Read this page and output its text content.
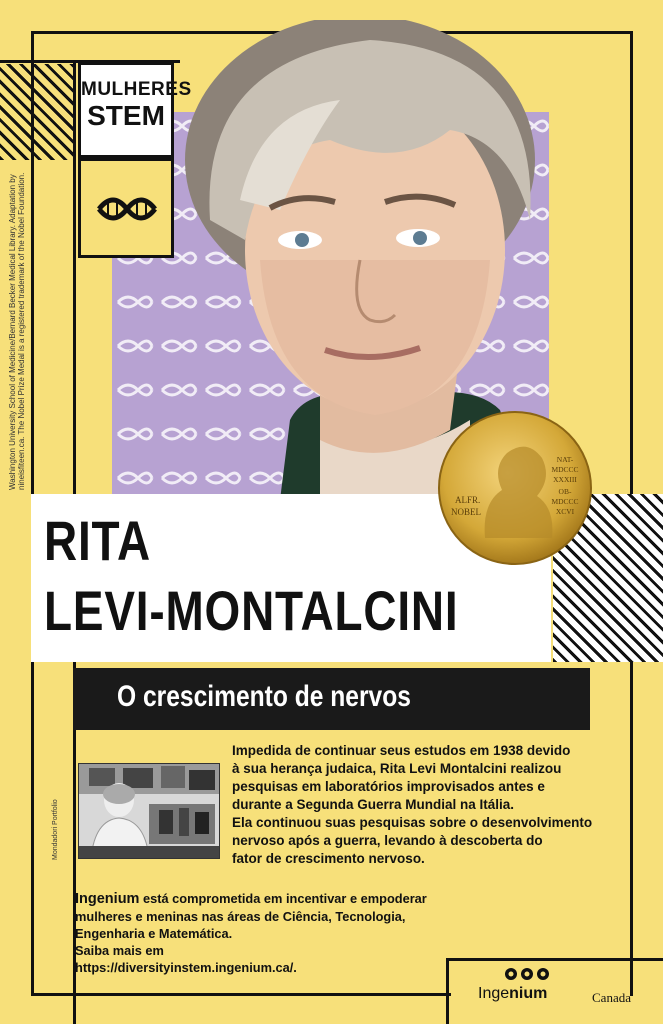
MULHERES
STEM
Washington University School of Medicine/Bernard Becker Medical Library. Adaptation by nineisfiteen.ca. The Nobel Prize Medal is a registered trademark of the Nobel Foundation.
RITA
LEVI-MONTALCINI
ALFR.
NOBEL
NAT-
MDCCC
XXXIII
OB-
MDCCC
XCVI
O crescimento de nervos
Mondadori Portfolio
Impedida de continuar seus estudos em 1938 devido
à sua herança judaica, Rita Levi Montalcini realizou
pesquisas em laboratórios improvisados antes e
durante a Segunda Guerra Mundial na Itália.
Ela continuou suas pesquisas sobre o desenvolvimento
nervoso após a guerra, levando à descoberta do
fator de crescimento nervoso.
Ingenium está comprometida em incentivar e empoderar
mulheres e meninas nas áreas de Ciência, Tecnologia,
Engenharia e Matemática.
Saiba mais em
https://diversityinstem.ingenium.ca/.
Ingenium	Canada
